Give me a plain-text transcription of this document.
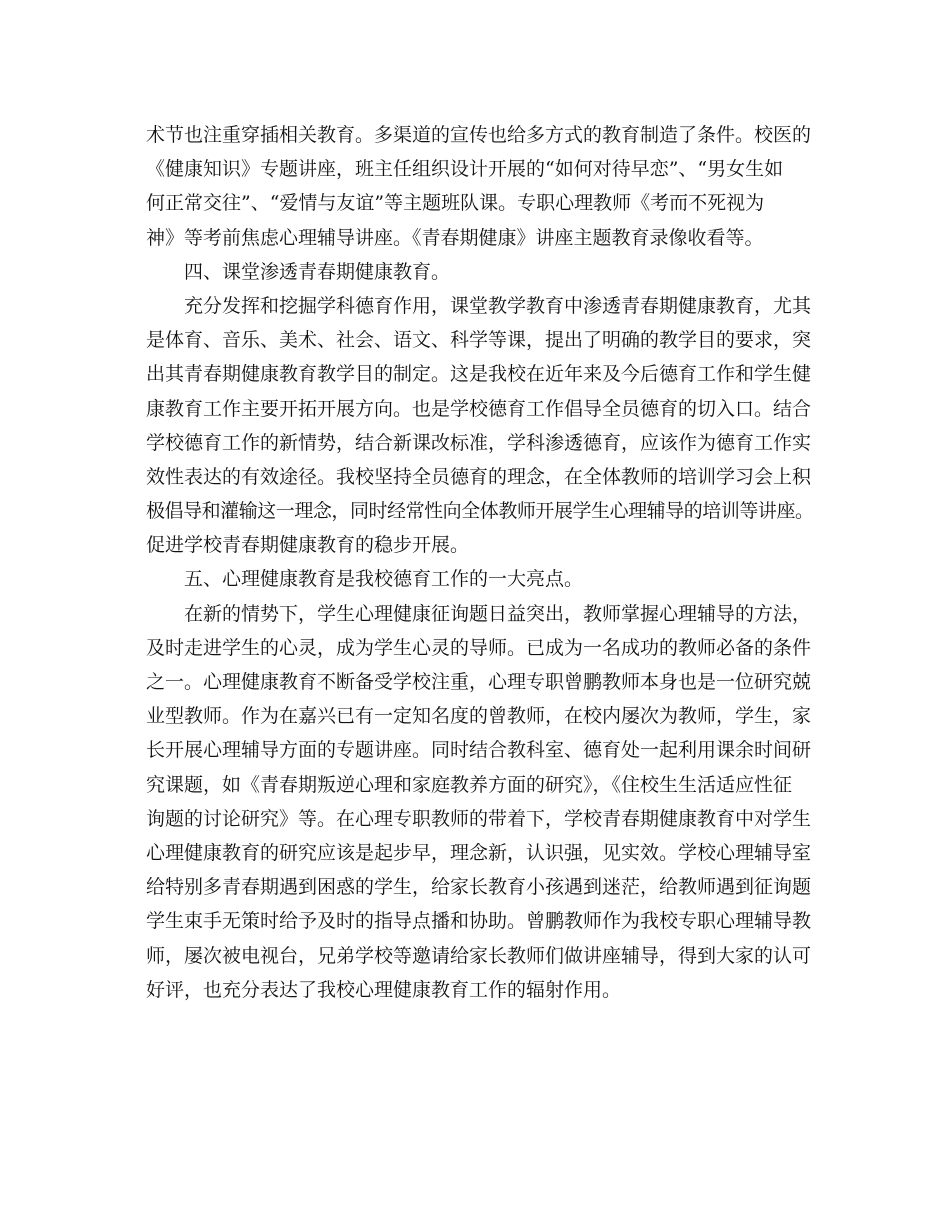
术节也注重穿插相关教育。多渠道的宣传也给多方式的教育制造了条件。校医的
《健康知识》专题讲座，班主任组织设计开展的“如何对待早恋”、“男女生如
何正常交往”、“爱情与友谊”等主题班队课。专职心理教师《考而不死视为
神》等考前焦虑心理辅导讲座。《青春期健康》讲座主题教育录像收看等。
四、课堂渗透青春期健康教育。
充分发挥和挖掘学科德育作用，课堂教学教育中渗透青春期健康教育，尤其
是体育、音乐、美术、社会、语文、科学等课，提出了明确的教学目的要求，突
出其青春期健康教育教学目的制定。这是我校在近年来及今后德育工作和学生健
康教育工作主要开拓开展方向。也是学校德育工作倡导全员德育的切入口。结合
学校德育工作的新情势，结合新课改标准，学科渗透德育，应该作为德育工作实
效性表达的有效途径。我校坚持全员德育的理念，在全体教师的培训学习会上积
极倡导和灌输这一理念，同时经常性向全体教师开展学生心理辅导的培训等讲座。
促进学校青春期健康教育的稳步开展。
五、心理健康教育是我校德育工作的一大亮点。
在新的情势下，学生心理健康征询题日益突出，教师掌握心理辅导的方法，
及时走进学生的心灵，成为学生心灵的导师。已成为一名成功的教师必备的条件
之一。心理健康教育不断备受学校注重，心理专职曾鹏教师本身也是一位研究兢
业型教师。作为在嘉兴已有一定知名度的曾教师，在校内屡次为教师，学生，家
长开展心理辅导方面的专题讲座。同时结合教科室、德育处一起利用课余时间研
究课题，如《青春期叛逆心理和家庭教养方面的研究》，《住校生生活适应性征
询题的讨论研究》等。在心理专职教师的带着下，学校青春期健康教育中对学生
心理健康教育的研究应该是起步早，理念新，认识强，见实效。学校心理辅导室
给特别多青春期遇到困惑的学生，给家长教育小孩遇到迷茫，给教师遇到征询题
学生束手无策时给予及时的指导点播和协助。曾鹏教师作为我校专职心理辅导教
师，屡次被电视台，兄弟学校等邀请给家长教师们做讲座辅导，得到大家的认可
好评，也充分表达了我校心理健康教育工作的辐射作用。
